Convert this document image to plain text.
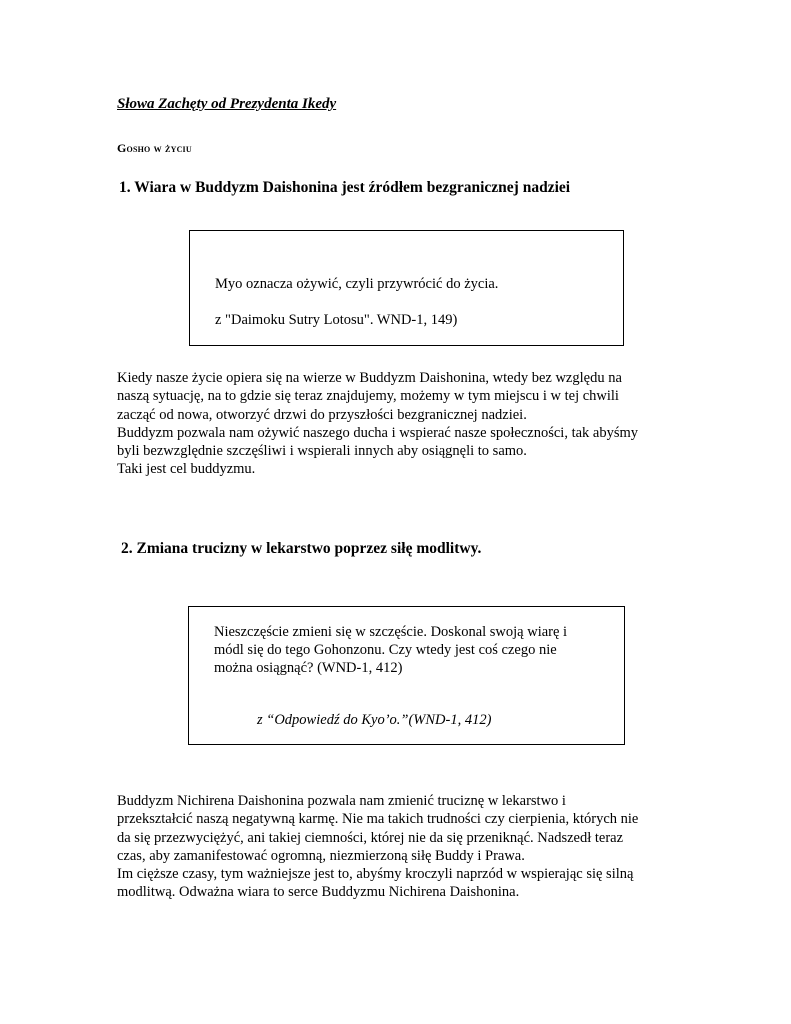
Słowa Zachęty od Prezydenta Ikedy
Gosho w życiu
1. Wiara w Buddyzm Daishonina jest źródłem bezgranicznej nadziei

Myo oznacza ożywić, czyli przywrócić do życia.

z "Daimoku Sutry Lotosu". WND-1, 149)

Kiedy nasze życie opiera się na wierze w Buddyzm Daishonina, wtedy bez względu na
naszą sytuację, na to gdzie się teraz znajdujemy, możemy w tym miejscu i w tej chwili
zacząć od nowa, otworzyć drzwi do przyszłości bezgranicznej nadziei.
Buddyzm pozwala nam ożywić naszego ducha i wspierać nasze społeczności, tak abyśmy
byli bezwzględnie szczęśliwi i wspierali innych aby osiągnęli to samo.
Taki jest cel buddyzmu.
2. Zmiana trucizny w lekarstwo poprzez siłę modlitwy.

Nieszczęście zmieni się w szczęście. Doskonal swoją wiarę i
módl się do tego Gohonzonu. Czy wtedy jest coś czego nie
można osiągnąć? (WND-1, 412)

z “Odpowiedź do Kyo’o.”(WND-1, 412)

Buddyzm Nichirena Daishonina pozwala nam zmienić truciznę w lekarstwo i
przekształcić naszą negatywną karmę. Nie ma takich trudności czy cierpienia, których nie
da się przezwyciężyć, ani takiej ciemności, której nie da się przeniknąć. Nadszedł teraz
czas, aby zamanifestować ogromną, niezmierzoną siłę Buddy i Prawa.
Im cięższe czasy, tym ważniejsze jest to, abyśmy kroczyli naprzód w wspierając się silną
modlitwą. Odważna wiara to serce Buddyzmu Nichirena Daishonina.
